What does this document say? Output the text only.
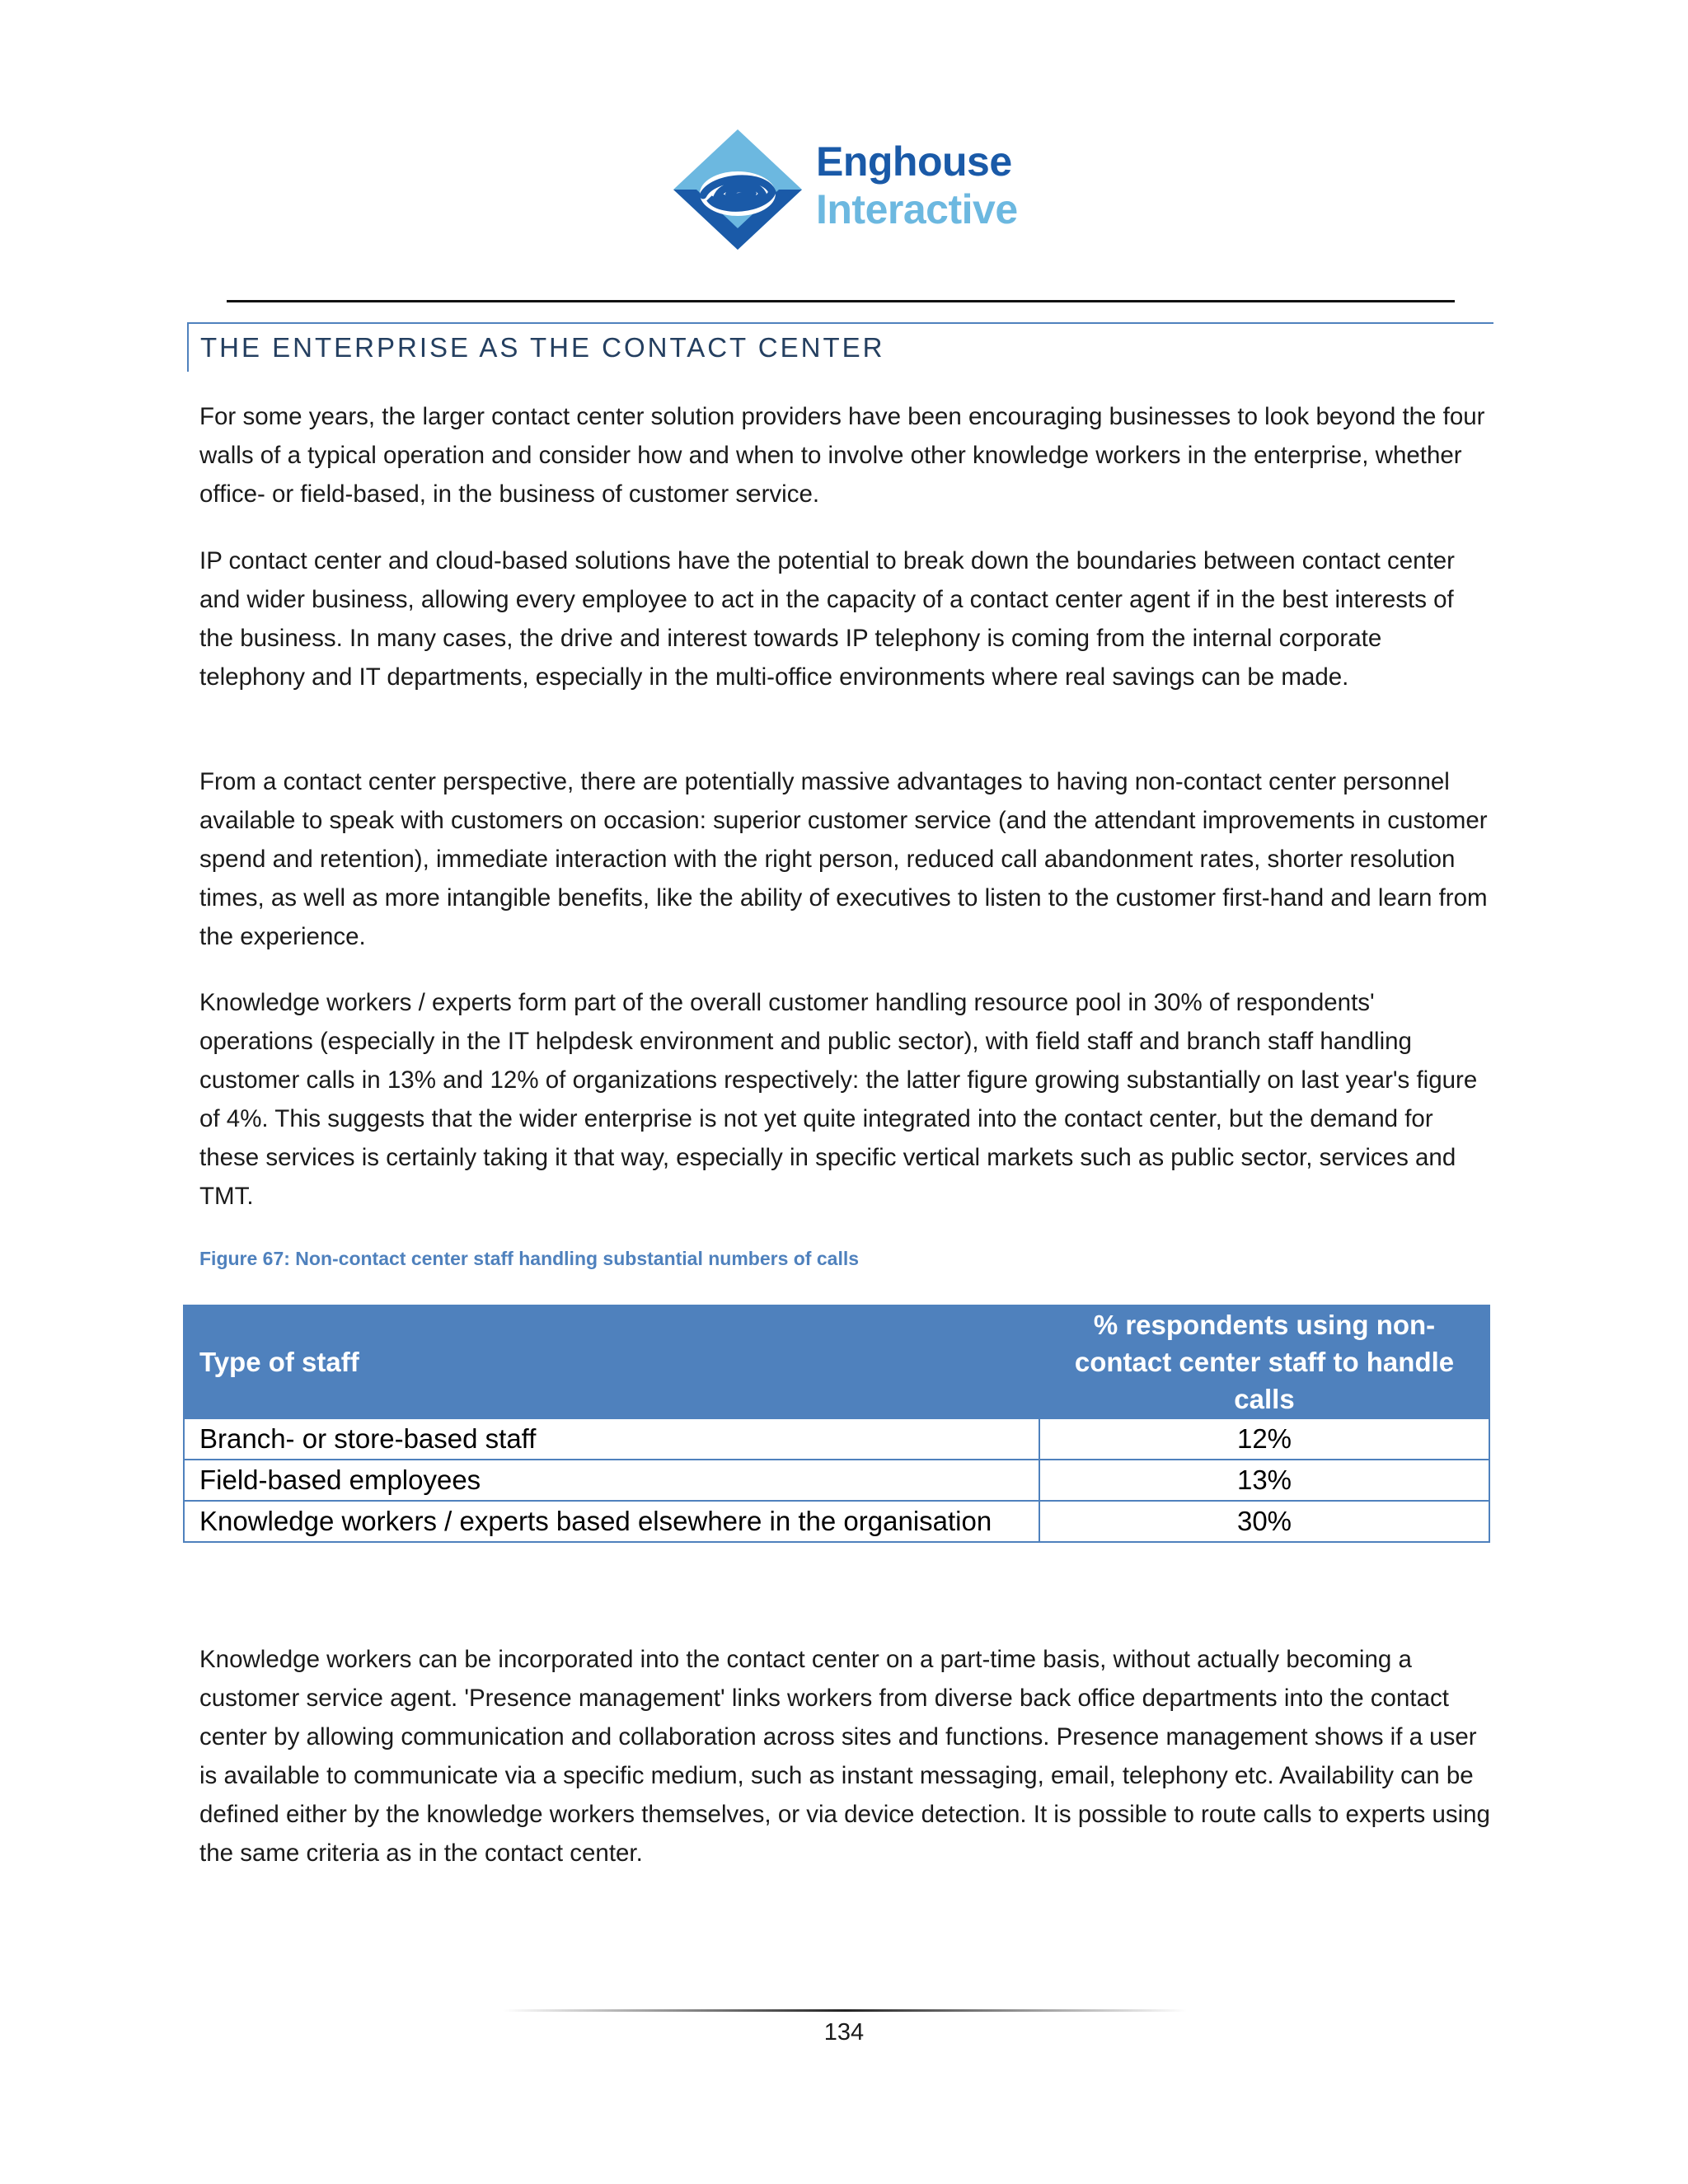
Enghouse
Interactive
THE ENTERPRISE AS THE CONTACT CENTER

For some years, the larger contact center solution providers have been encouraging businesses to look beyond the four walls of a typical operation and consider how and when to involve other knowledge workers in the enterprise, whether office- or field-based, in the business of customer service.

IP contact center and cloud-based solutions have the potential to break down the boundaries between contact center and wider business, allowing every employee to act in the capacity of a contact center agent if in the best interests of the business. In many cases, the drive and interest towards IP telephony is coming from the internal corporate telephony and IT departments, especially in the multi-office environments where real savings can be made.

From a contact center perspective, there are potentially massive advantages to having non-contact center personnel available to speak with customers on occasion: superior customer service (and the attendant improvements in customer spend and retention), immediate interaction with the right person, reduced call abandonment rates, shorter resolution times, as well as more intangible benefits, like the ability of executives to listen to the customer first-hand and learn from the experience.

Knowledge workers / experts form part of the overall customer handling resource pool in 30% of respondents' operations (especially in the IT helpdesk environment and public sector), with field staff and branch staff handling customer calls in 13% and 12% of organizations respectively: the latter figure growing substantially on last year's figure of 4%. This suggests that the wider enterprise is not yet quite integrated into the contact center, but the demand for these services is certainly taking it that way, especially in specific vertical markets such as public sector, services and TMT.

Figure 67: Non-contact center staff handling substantial numbers of calls
Type of staff	% respondents using non-contact center staff to handle calls
Branch- or store-based staff	12%
Field-based employees	13%
Knowledge workers / experts based elsewhere in the organisation	30%

Knowledge workers can be incorporated into the contact center on a part-time basis, without actually becoming a customer service agent. 'Presence management' links workers from diverse back office departments into the contact center by allowing communication and collaboration across sites and functions. Presence management shows if a user is available to communicate via a specific medium, such as instant messaging, email, telephony etc. Availability can be defined either by the knowledge workers themselves, or via device detection. It is possible to route calls to experts using the same criteria as in the contact center.

134
